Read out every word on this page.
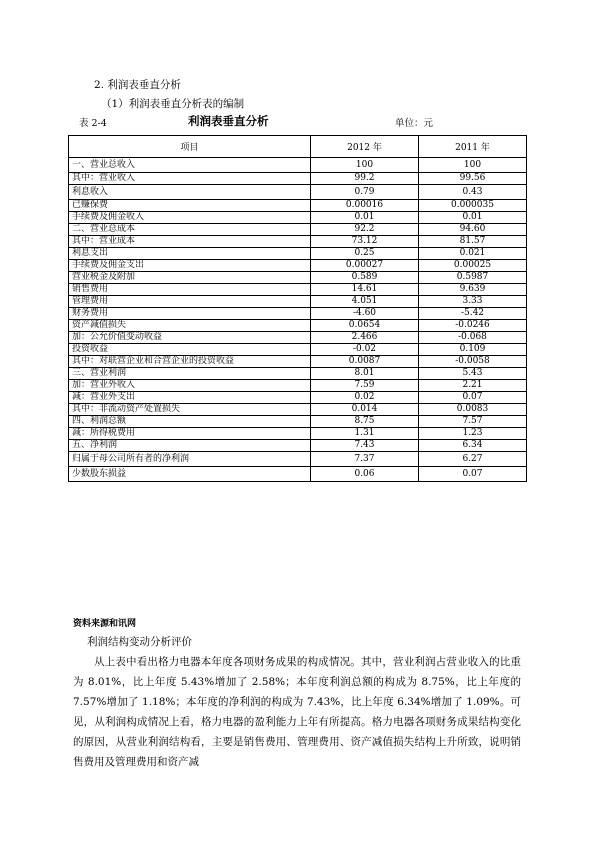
2. 利润表垂直分析
（1）利润表垂直分析表的编制
表 2-4	利润表垂直分析	单位：元
项目	2012 年	2011 年
一、营业总收入	100	100
其中：营业收入	99.2	99.56
利息收入	0.79	0.43
已赚保费	0.00016	0.000035
手续费及佣金收入	0.01	0.01
二、营业总成本	92.2	94.60
其中：营业成本	73.12	81.57
利息支出	0.25	0.021
手续费及佣金支出	0.00027	0.00025
营业税金及附加	0.589	0.5987
销售费用	14.61	9.639
管理费用	4.051	3.33
财务费用	-4.60	-5.42
资产减值损失	0.0654	-0.0246
加：公允价值变动收益	2.466	-0.068
投资收益	-0.02	0.109
其中：对联营企业和合营企业的投资收益	0.0087	-0.0058
三、营业利润	8.01	5.43
加：营业外收入	7.59	2.21
减：营业外支出	0.02	0.07
其中：非流动资产处置损失	0.014	0.0083
四、利润总额	8.75	7.57
减：所得税费用	1.31	1.23
五、净利润	7.43	6.34
归属于母公司所有者的净利润	7.37	6.27
少数股东损益	0.06	0.07
资料来源和讯网
利润结构变动分析评价
从上表中看出格力电器本年度各项财务成果的构成情况。其中，营业利润占营业收入的比重为 8.01%，比上年度 5.43%增加了 2.58%；本年度利润总额的构成为 8.75%，比上年度的 7.57%增加了 1.18%；本年度的净利润的构成为 7.43%，比上年度 6.34%增加了 1.09%。可见，从利润构成情况上看，格力电器的盈利能力上年有所提高。格力电器各项财务成果结构变化的原因，从营业利润结构看，主要是销售费用、管理费用、资产减值损失结构上升所致，说明销售费用及管理费用和资产减
